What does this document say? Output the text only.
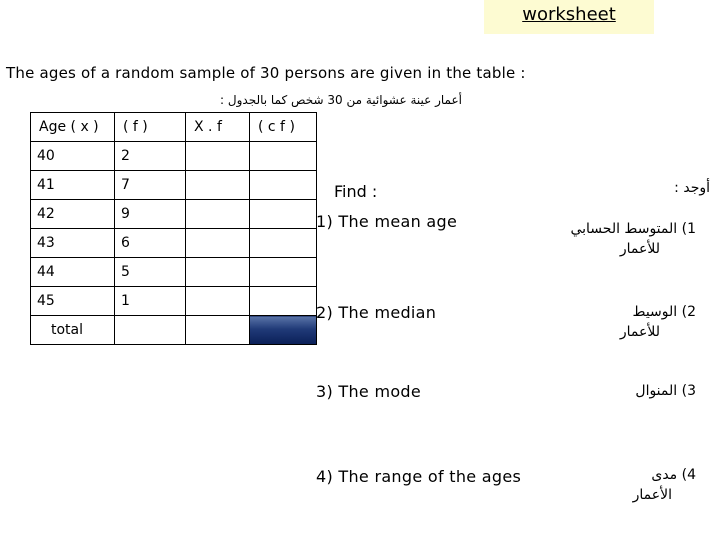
worksheet
The ages of a random sample of 30 persons are given in the table :
أعمار عينة عشوائية من 30 شخص كما بالجدول :
Age ( x )	( f )	X . f	( c f )
40	2		
41	7		
42	9		
43	6		
44	5		
45	1		
total			
Find :	أوجد :
1) The mean age	1) المتوسط الحسابي
للأعمار
2) The median	2) الوسيط
للأعمار
3) The mode	3) المنوال
4) The range of the ages	4) مدى
الأعمار
